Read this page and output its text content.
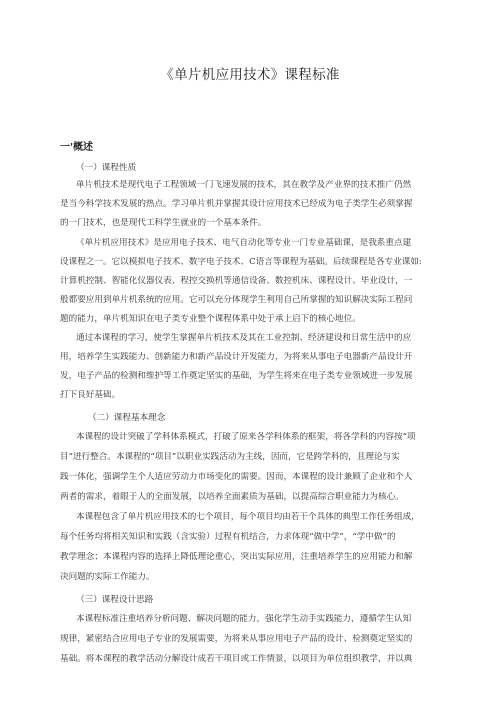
《单片机应用技术》课程标准
一'概述
（一）课程性质
单片机技术是现代电子工程领域一门飞速发展的技术，其在教学及产业界的技术推广仍然
是当今科学技术发展的热点。学习单片机并掌握其设计应用技术已经成为电子类学生必须掌握
的一门技术，也是现代工科学生就业的一个基本条件。
《单片机应用技术》是应用电子技术、电气自动化等专业一门专业基础课，是我系重点建
设课程之一。它以模拟电子技术、数字电子技术、C语言等课程为基础。后续课程是各专业课如:
计算机控制、智能化仪器仪表、程控交换机等通信设备、数控机床、课程设计、毕业设计，一
般都要应用到单片机系统的应用。它可以充分体现学生利用自己所掌握的知识解决实际工程问
题的能力，单片机知识在电子类专业整个课程体系中处于承上启下的核心地位。
通过本课程的学习，使学生掌握单片机技术及其在工业控制、经济建设和日常生活中的应
用，培养学生实践能力、创新能力和新产品设计开发能力，为将来从事电子电器新产品设计开
发，电子产品的检测和维护等工作奠定坚实的基础，为学生将来在电子类专业领域进一步发展
打下良好基础。
（二）课程基本理念
本课程的设计突破了学科体系模式，打破了原来各学科体系的框架，将各学科的内容按“项
目”进行整合。本课程的“项目”以职业实践活动为主线，因而，它是跨学科的，且理论与实
践一体化，强调学生个人适应劳动力市场变化的需要。因而，本课程的设计兼顾了企业和个人
两者的需求，着眼于人的全面发展，以培养全面素质为基础，以提高综合职业能力为核心。
本课程包含了单片机应用技术的七个项目，每个项目均由若干个具体的典型工作任务组成，
每个任务均将相关知识和实践（含实验）过程有机结合，力求体现“做中学”，“学中做”的
教学理念；本课程内容的选择上降低理论重心，突出实际应用，注重培养学生的应用能力和解
决问题的实际工作能力。
（三）课程设计思路
本课程标准注重培养分析问题、解决问题的能力，强化学生动手实践能力，遵循学生认知
规律，紧密结合应用电子专业的发展需要，为将来从事应用电子产品的设计、检测奠定坚实的
基础。将本课程的教学活动分解设计成若干项目或工作情景，以项目为单位组织教学，并以典
